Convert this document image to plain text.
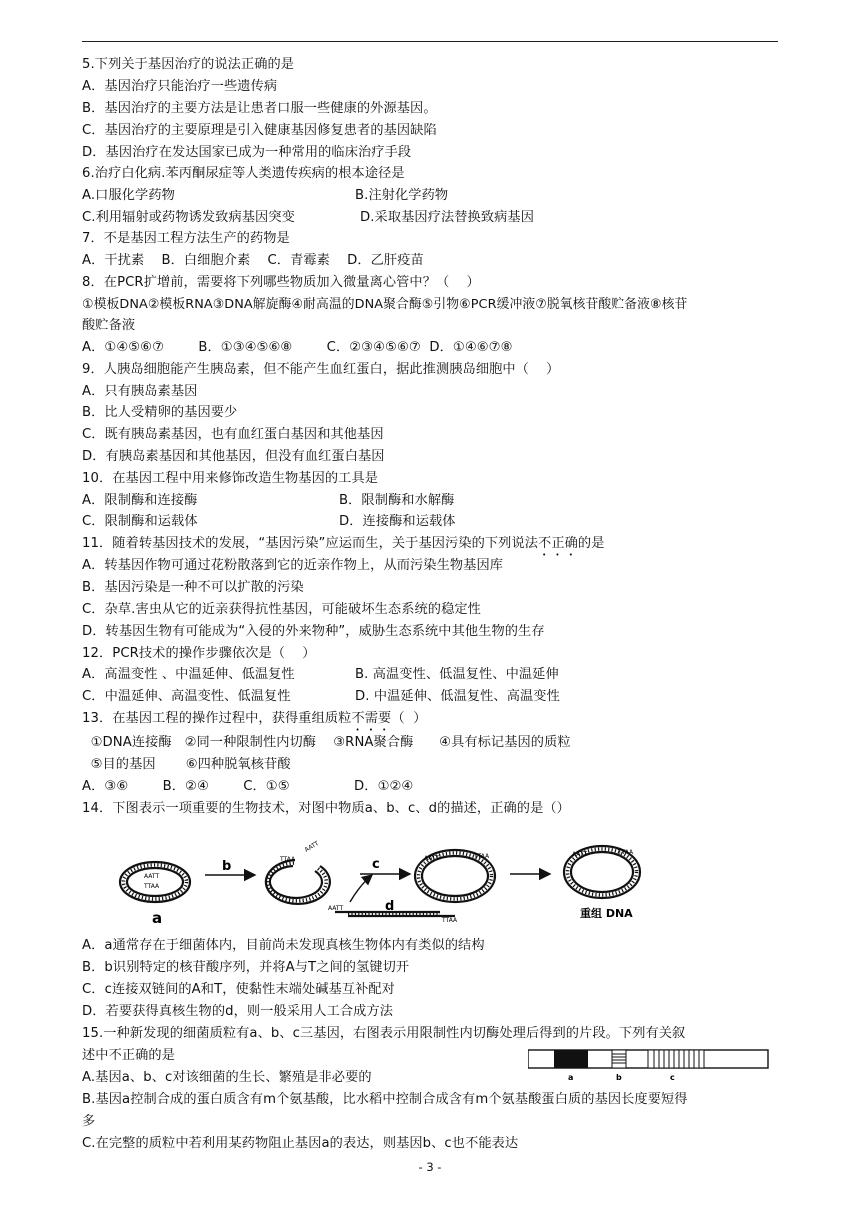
5.下列关于基因治疗的说法正确的是
A．基因治疗只能治疗一些遗传病
B．基因治疗的主要方法是让患者口服一些健康的外源基因。
C．基因治疗的主要原理是引入健康基因修复患者的基因缺陷
D．基因治疗在发达国家已成为一种常用的临床治疗手段
6.治疗白化病.苯丙酮尿症等人类遗传疾病的根本途径是
A.口服化学药物	B.注射化学药物
C.利用辐射或药物诱发致病基因突变	D.采取基因疗法替换致病基因
7．不是基因工程方法生产的药物是
A．干扰素    B．白细胞介素    C．青霉素    D．乙肝疫苗
8．在PCR扩增前，需要将下列哪些物质加入微量离心管中？（    ）
①模板DNA②模板RNA③DNA解旋酶④耐高温的DNA聚合酶⑤引物⑥PCR缓冲液⑦脱氧核苷酸贮备液⑧核苷
酸贮备液
A．①④⑤⑥⑦        B．①③④⑤⑥⑧        C．②③④⑤⑥⑦  D．①④⑥⑦⑧
9．人胰岛细胞能产生胰岛素，但不能产生血红蛋白，据此推测胰岛细胞中（    ）
A．只有胰岛素基因
B．比人受精卵的基因要少
C．既有胰岛素基因，也有血红蛋白基因和其他基因
D．有胰岛素基因和其他基因，但没有血红蛋白基因
10．在基因工程中用来修饰改造生物基因的工具是
A．限制酶和连接酶	B．限制酶和水解酶
C．限制酶和运载体	D．连接酶和运载体
11．随着转基因技术的发展，“基因污染”应运而生，关于基因污染的下列说法不正确的是
A．转基因作物可通过花粉散落到它的近亲作物上，从而污染生物基因库
B．基因污染是一种不可以扩散的污染
C．杂草.害虫从它的近亲获得抗性基因，可能破坏生态系统的稳定性
D．转基因生物有可能成为“入侵的外来物种”，威胁生态系统中其他生物的生存
12．PCR技术的操作步骤依次是（    ）
A．高温变性 、中温延伸、低温复性	B. 高温变性、低温复性、中温延伸
C．中温延伸、高温变性、低温复性	D. 中温延伸、低温复性、高温变性
13．在基因工程的操作过程中，获得重组质粒不需要（  ）
①DNA连接酶   ②同一种限制性内切酶    ③RNA聚合酶      ④具有标记基因的质粒
⑤目的基因       ⑥四种脱氧核苷酸
A．③⑥        B．②④        C．①⑤               D．①②④
14．下图表示一项重要的生物技术，对图中物质a、b、c、d的描述，正确的是（）
AATT
TTAA
a
b	TTAA
AATT
c
AATT
TTAA
d
AATT	TTAA	AATT	TTAA
重组 DNA
A．a通常存在于细菌体内，目前尚未发现真核生物体内有类似的结构
B．b识别特定的核苷酸序列，并将A与T之间的氢键切开
C．c连接双链间的A和T，使黏性末端处碱基互补配对
D．若要获得真核生物的d，则一般采用人工合成方法
15.一种新发现的细菌质粒有a、b、c三基因，右图表示用限制性内切酶处理后得到的片段。下列有关叙
述中不正确的是
a	b	c
A.基因a、b、c对该细菌的生长、繁殖是非必要的
B.基因a控制合成的蛋白质含有m个氨基酸，比水稻中控制合成含有m个氨基酸蛋白质的基因长度要短得
多
C.在完整的质粒中若利用某药物阻止基因a的表达，则基因b、c也不能表达
- 3 -
